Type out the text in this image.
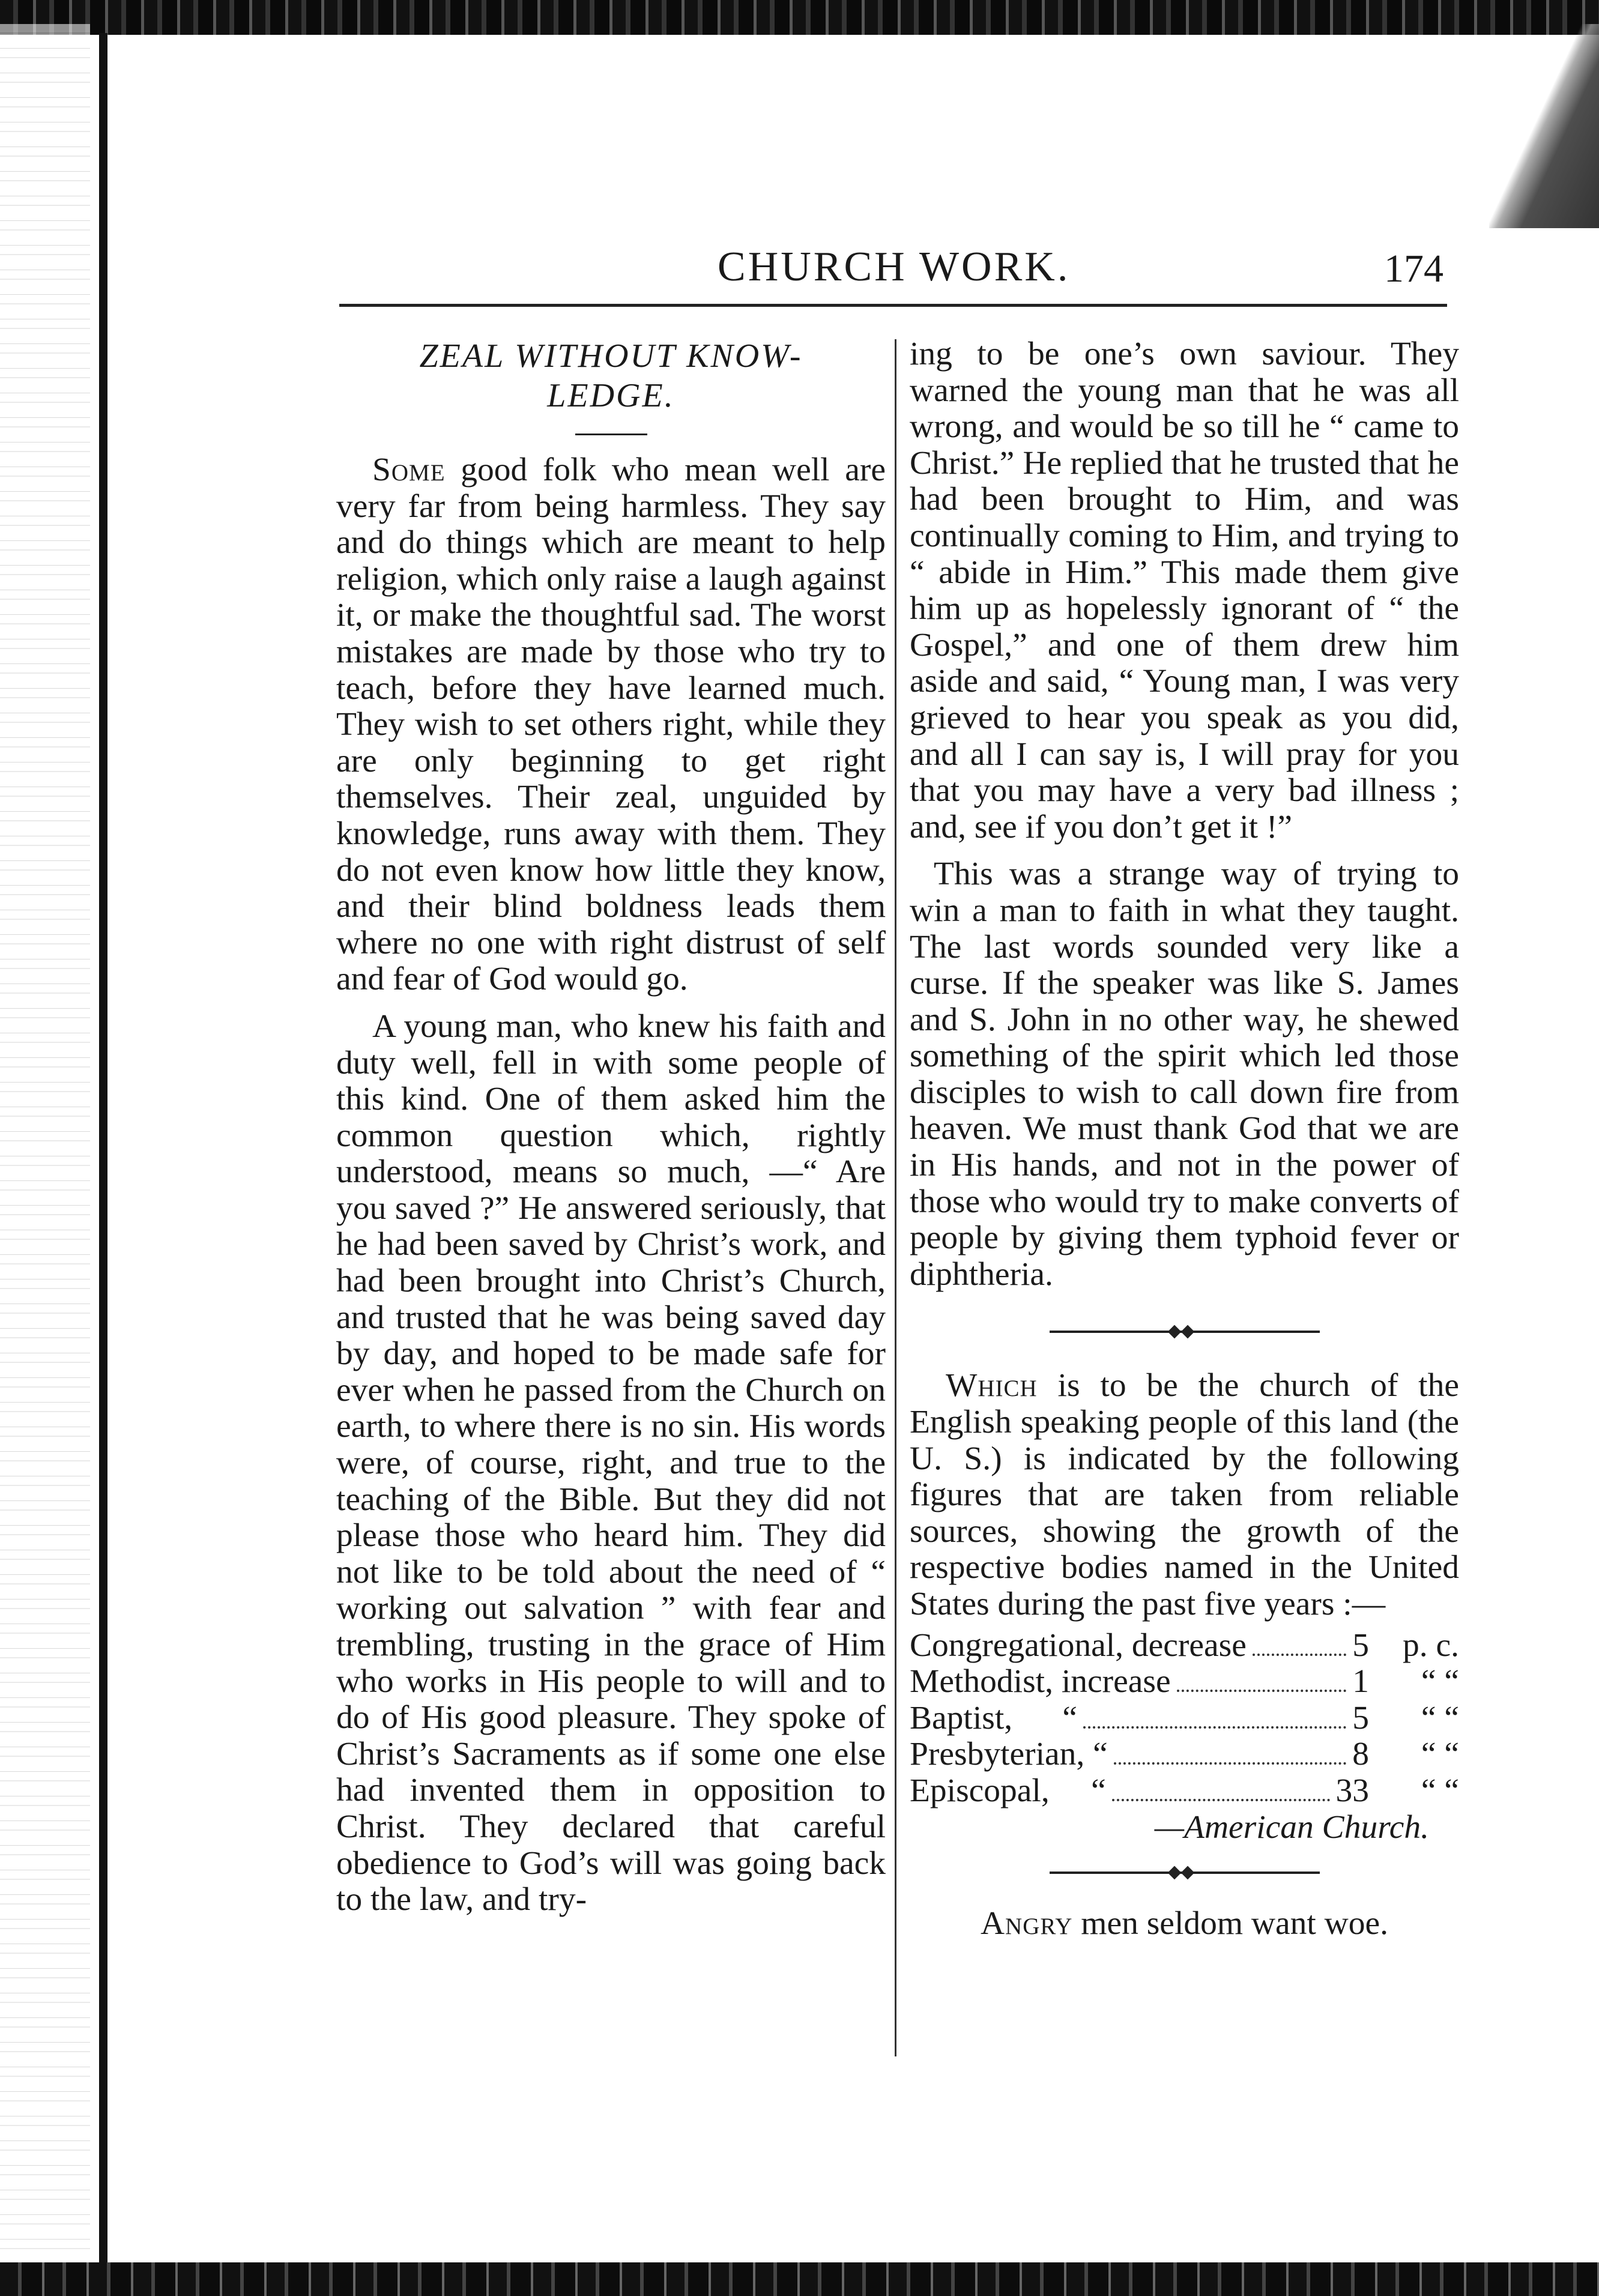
CHURCH WORK.	174
ZEAL WITHOUT KNOW-
LEDGE.

Some good folk who mean well are very far from being harmless. They say and do things which are meant to help religion, which only raise a laugh against it, or make the thoughtful sad. The worst mistakes are made by those who try to teach, before they have learned much. They wish to set others right, while they are only beginning to get right themselves. Their zeal, unguided by knowledge, runs away with them. They do not even know how little they know, and their blind boldness leads them where no one with right distrust of self and fear of God would go.

A young man, who knew his faith and duty well, fell in with some people of this kind. One of them asked him the common question which, rightly understood, means so much, —“ Are you saved ?” He answered seriously, that he had been saved by Christ’s work, and had been brought into Christ’s Church, and trusted that he was being saved day by day, and hoped to be made safe for ever when he passed from the Church on earth, to where there is no sin. His words were, of course, right, and true to the teaching of the Bible. But they did not please those who heard him. They did not like to be told about the need of “ working out salvation ” with fear and trembling, trusting in the grace of Him who works in His people to will and to do of His good pleasure. They spoke of Christ’s Sacraments as if some one else had invented them in opposition to Christ. They declared that careful obedience to God’s will was going back to the law, and try-

ing to be one’s own saviour. They warned the young man that he was all wrong, and would be so till he “ came to Christ.” He replied that he trusted that he had been brought to Him, and was continually coming to Him, and trying to “ abide in Him.” This made them give him up as hopelessly ignorant of “ the Gospel,” and one of them drew him aside and said, “ Young man, I was very grieved to hear you speak as you did, and all I can say is, I will pray for you that you may have a very bad illness ; and, see if you don’t get it !”

This was a strange way of trying to win a man to faith in what they taught. The last words sounded very like a curse. If the speaker was like S. James and S. John in no other way, he shewed something of the spirit which led those disciples to wish to call down fire from heaven. We must thank God that we are in His hands, and not in the power of those who would try to make converts of people by giving them typhoid fever or diphtheria.

Which is to be the church of the English speaking people of this land (the U. S.) is indicated by the following figures that are taken from reliable sources, showing the growth of the respective bodies named in the United States during the past five years :—

Congregational, decrease	5	p. c.
Methodist, increase	1	“ “
Baptist,      “	5	“ “
Presbyterian, “	8	“ “
Episcopal,     “	33	“ “
—American Church.
Angry men seldom want woe.
